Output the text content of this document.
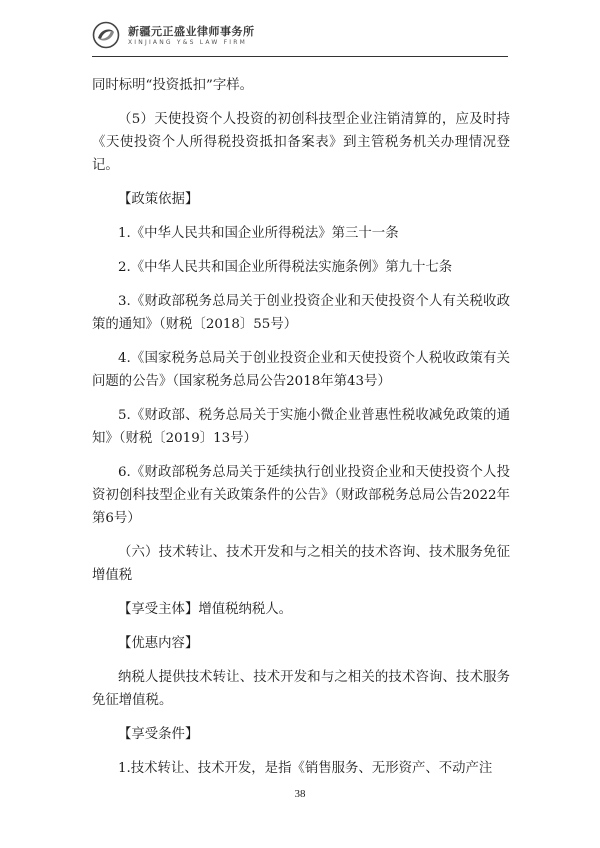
新疆元正盛业律师事务所
XINJIANG Y&S LAW FIRM

同时标明“投资抵扣”字样。

（5）天使投资个人投资的初创科技型企业注销清算的，应及时持《天使投资个人所得税投资抵扣备案表》到主管税务机关办理情况登记。

【政策依据】

1.《中华人民共和国企业所得税法》第三十一条

2.《中华人民共和国企业所得税法实施条例》第九十七条

3.《财政部税务总局关于创业投资企业和天使投资个人有关税收政策的通知》（财税〔2018〕55号）

4.《国家税务总局关于创业投资企业和天使投资个人税收政策有关问题的公告》（国家税务总局公告2018年第43号）

5.《财政部、税务总局关于实施小微企业普惠性税收减免政策的通知》（财税〔2019〕13号）

6.《财政部税务总局关于延续执行创业投资企业和天使投资个人投资初创科技型企业有关政策条件的公告》（财政部税务总局公告2022年第6号）

（六）技术转让、技术开发和与之相关的技术咨询、技术服务免征增值税

【享受主体】增值税纳税人。

【优惠内容】

纳税人提供技术转让、技术开发和与之相关的技术咨询、技术服务免征增值税。

【享受条件】

1.技术转让、技术开发，是指《销售服务、无形资产、不动产注

38
